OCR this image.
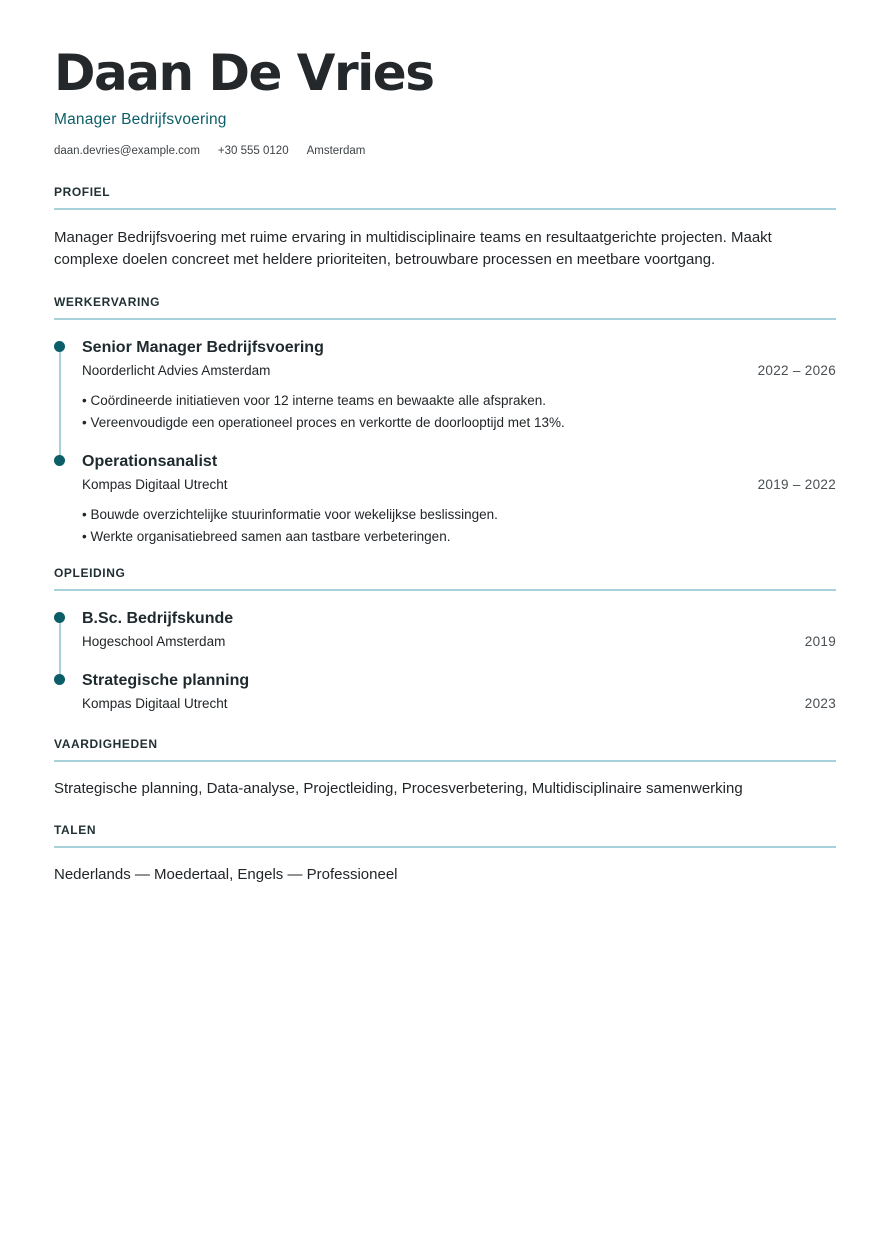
Daan De Vries
Manager Bedrijfsvoering
daan.devries@example.com +30 555 0120 Amsterdam
PROFIEL

Manager Bedrijfsvoering met ruime ervaring in multidisciplinaire teams en resultaatgerichte projecten. Maakt complexe doelen concreet met heldere prioriteiten, betrouwbare processen en meetbare voortgang.

WERKERVARING
Senior Manager Bedrijfsvoering
Noorderlicht Advies Amsterdam	2022 – 2026
• Coördineerde initiatieven voor 12 interne teams en bewaakte alle afspraken.
• Vereenvoudigde een operationeel proces en verkortte de doorlooptijd met 13%.
Operationsanalist
Kompas Digitaal Utrecht	2019 – 2022
• Bouwde overzichtelijke stuurinformatie voor wekelijkse beslissingen.
• Werkte organisatiebreed samen aan tastbare verbeteringen.
OPLEIDING
B.Sc. Bedrijfskunde
Hogeschool Amsterdam	2019
Strategische planning
Kompas Digitaal Utrecht	2023
VAARDIGHEDEN

Strategische planning, Data-analyse, Projectleiding, Procesverbetering, Multidisciplinaire samenwerking

TALEN

Nederlands — Moedertaal, Engels — Professioneel
